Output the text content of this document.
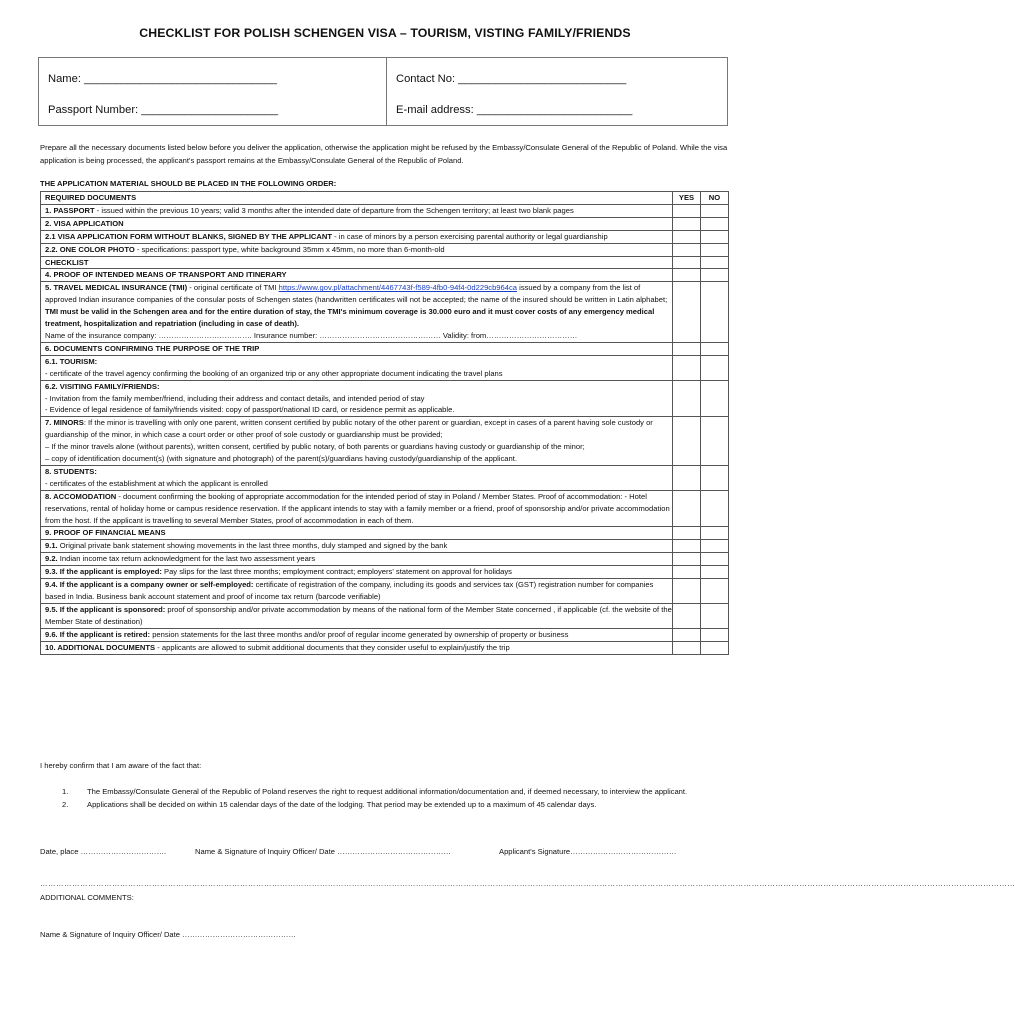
CHECKLIST FOR POLISH SCHENGEN VISA – TOURISM, VISTING FAMILY/FRIENDS
Name: _______________________________	Contact No: ___________________________
Passport Number: ______________________	E-mail address: _________________________
Prepare all the necessary documents listed below before you deliver the application, otherwise the application might be refused by the Embassy/Consulate General of the Republic of Poland. While the visa application is being processed, the applicant's passport remains at the Embassy/Consulate General of the Republic of Poland.
THE APPLICATION MATERIAL SHOULD BE PLACED IN THE FOLLOWING ORDER:
REQUIRED DOCUMENTS	YES	NO
1. PASSPORT - issued within the previous 10 years; valid 3 months after the intended date of departure from the Schengen territory; at least two blank pages		
2. VISA APPLICATION		
2.1 VISA APPLICATION FORM WITHOUT BLANKS, SIGNED BY THE APPLICANT - in case of minors by a person exercising parental authority or legal guardianship		
2.2. ONE COLOR PHOTO - specifications: passport type, white background 35mm x 45mm, no more than 6-month-old		
CHECKLIST		
4. PROOF OF INTENDED MEANS OF TRANSPORT AND ITINERARY		
5. TRAVEL MEDICAL INSURANCE (TMI) - original certificate of TMI https://www.gov.pl/attachment/4467743f-f589-4fb0-94f4-0d229cb964ca issued by a company from the list of approved Indian insurance companies of the consular posts of Schengen states (handwritten certificates will not be accepted; the name of the insured should be written in Latin alphabet; TMI must be valid in the Schengen area and for the entire duration of stay, the TMI's minimum coverage is 30.000 euro and it must cover costs of any emergency medical treatment, hospitalization and repatriation (including in case of death).
Name of the insurance company: ………………………………. Insurance number: ………………………………………… Validity: from………………………………		
6. DOCUMENTS CONFIRMING THE PURPOSE OF THE TRIP		
6.1. TOURISM:
- certificate of the travel agency confirming the booking of an organized trip or any other appropriate document indicating the travel plans		
6.2. VISITING FAMILY/FRIENDS:
- Invitation from the family member/friend, including their address and contact details, and intended period of stay
- Evidence of legal residence of family/friends visited: copy of passport/national ID card, or residence permit as applicable.		
7. MINORS: If the minor is travelling with only one parent, written consent certified by public notary of the other parent or guardian, except in cases of a parent having sole custody or guardianship of the minor, in which case a court order or other proof of sole custody or guardianship must be provided;
– If the minor travels alone (without parents), written consent, certified by public notary, of both parents or guardians having custody or guardianship of the minor;
– copy of identification document(s) (with signature and photograph) of the parent(s)/guardians having custody/guardianship of the applicant.		
8. STUDENTS:
- certificates of the establishment at which the applicant is enrolled		
8. ACCOMODATION - document confirming the booking of appropriate accommodation for the intended period of stay in Poland / Member States. Proof of accommodation: - Hotel reservations, rental of holiday home or campus residence reservation. If the applicant intends to stay with a family member or a friend, proof of sponsorship and/or private accommodation from the host. If the applicant is travelling to several Member States, proof of accommodation in each of them.		
9. PROOF OF FINANCIAL MEANS		
9.1. Original private bank statement showing movements in the last three months, duly stamped and signed by the bank		
9.2. Indian income tax return acknowledgment for the last two assessment years		
9.3. If the applicant is employed: Pay slips for the last three months; employment contract; employers' statement on approval for holidays		
9.4. If the applicant is a company owner or self-employed: certificate of registration of the company, including its goods and services tax (GST) registration number for companies based in India. Business bank account statement and proof of income tax return (barcode verifiable)		
9.5. If the applicant is sponsored: proof of sponsorship and/or private accommodation by means of the national form of the Member State concerned , if applicable (cf. the website of the Member State of destination)		
9.6. If the applicant is retired: pension statements for the last three months and/or proof of regular income generated by ownership of property or business		
10. ADDITIONAL DOCUMENTS - applicants are allowed to submit additional documents that they consider useful to explain/justify the trip		
I hereby confirm that I am aware of the fact that:
1. The Embassy/Consulate General of the Republic of Poland reserves the right to request additional information/documentation and, if deemed necessary, to interview the applicant.
2. Applications shall be decided on within 15 calendar days of the date of the lodging. That period may be extended up to a maximum of 45 calendar days.
Date, place …………………………….	Name & Signature of Inquiry Officer/ Date ………………………………………	Applicant's Signature……………………………………
……………………………………………………………………………………………………………………………………………………………………………………………………………………………………………………………………………………………………………………………………
ADDITIONAL COMMENTS:
Name & Signature of Inquiry Officer/ Date ………………………………………
